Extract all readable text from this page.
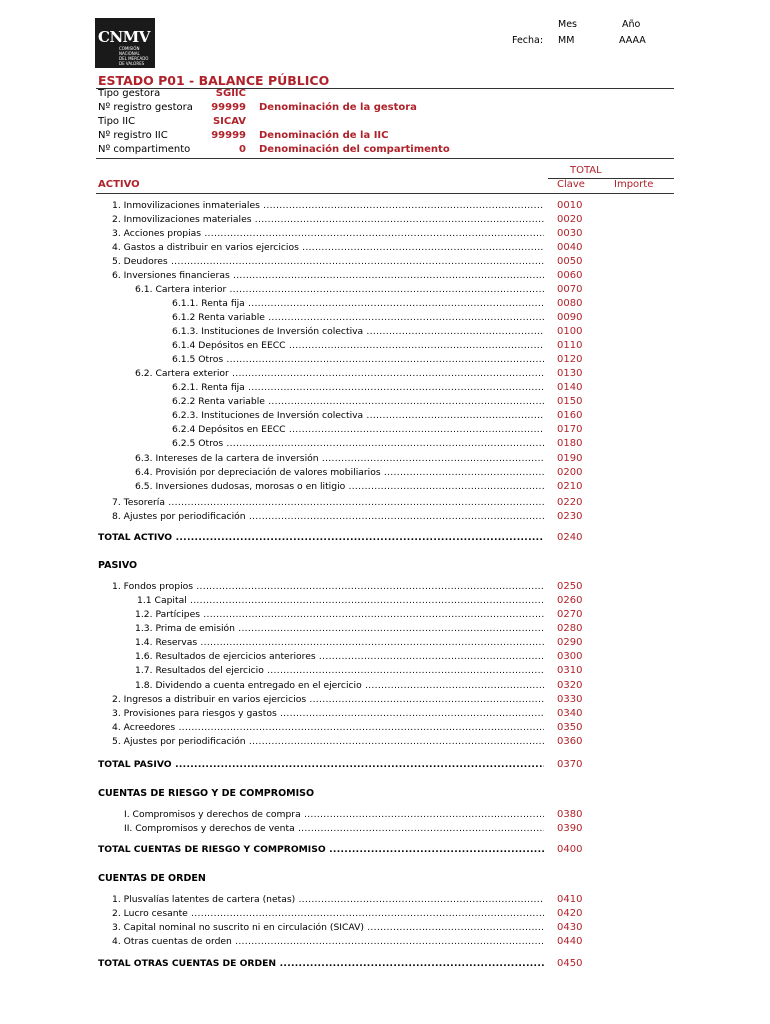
CNMV
COMISIÓN
NACIONAL
DEL MERCADO
DE VALORES
Mes	Año
Fecha: MM	AAAA
ESTADO P01 - BALANCE PÚBLICO
Tipo gestora	SGIIC
Nº registro gestora	99999 Denominación de la gestora
Tipo IIC	SICAV
Nº registro IIC	99999 Denominación de la IIC
Nº compartimento	0 Denominación del compartimento
TOTAL
Clave	Importe
ACTIVO
1. Inmovilizaciones inmateriales .....	0010
2. Inmovilizaciones materiales .....	0020
3. Acciones propias .....	0030
4. Gastos a distribuir en varios ejercicios .....	0040
5. Deudores .....	0050
6. Inversiones financieras .....	0060
6.1. Cartera interior .....	0070
6.1.1. Renta fija .....	0080
6.1.2 Renta variable .....	0090
6.1.3. Instituciones de Inversión colectiva .....	0100
6.1.4 Depósitos en EECC .....	0110
6.1.5 Otros .....	0120
6.2. Cartera exterior .....	0130
6.2.1. Renta fija .....	0140
6.2.2 Renta variable .....	0150
6.2.3. Instituciones de Inversión colectiva .....	0160
6.2.4 Depósitos en EECC .....	0170
6.2.5 Otros .....	0180
6.3. Intereses de la cartera de inversión .....	0190
6.4. Provisión por depreciación de valores mobiliarios .....	0200
6.5. Inversiones dudosas, morosas o en litigio .....	0210
7. Tesorería .....	0220
8. Ajustes por periodificación .....	0230
TOTAL ACTIVO .....	0240
1. Fondos propios .....	0250
1.1 Capital .....	0260
1.2. Partícipes .....	0270
1.3. Prima de emisión .....	0280
1.4. Reservas .....	0290
1.6. Resultados de ejercicios anteriores .....	0300
1.7. Resultados del ejercicio .....	0310
1.8. Dividendo a cuenta entregado en el ejercicio .....	0320
2. Ingresos a distribuir en varios ejercicios .....	0330
3. Provisiones para riesgos y gastos .....	0340
4. Acreedores .....	0350
5. Ajustes por periodificación .....	0360
TOTAL PASIVO .....	0370
I. Compromisos y derechos de compra .....	0380
II. Compromisos y derechos de venta .....	0390
TOTAL CUENTAS DE RIESGO Y COMPROMISO .....	0400
1. Plusvalías latentes de cartera (netas) .....	0410
2. Lucro cesante .....	0420
3. Capital nominal no suscrito ni en circulación (SICAV) .....	0430
4. Otras cuentas de orden .....	0440
TOTAL OTRAS CUENTAS DE ORDEN .....	0450
PASIVO
CUENTAS DE RIESGO Y DE COMPROMISO
CUENTAS DE ORDEN
